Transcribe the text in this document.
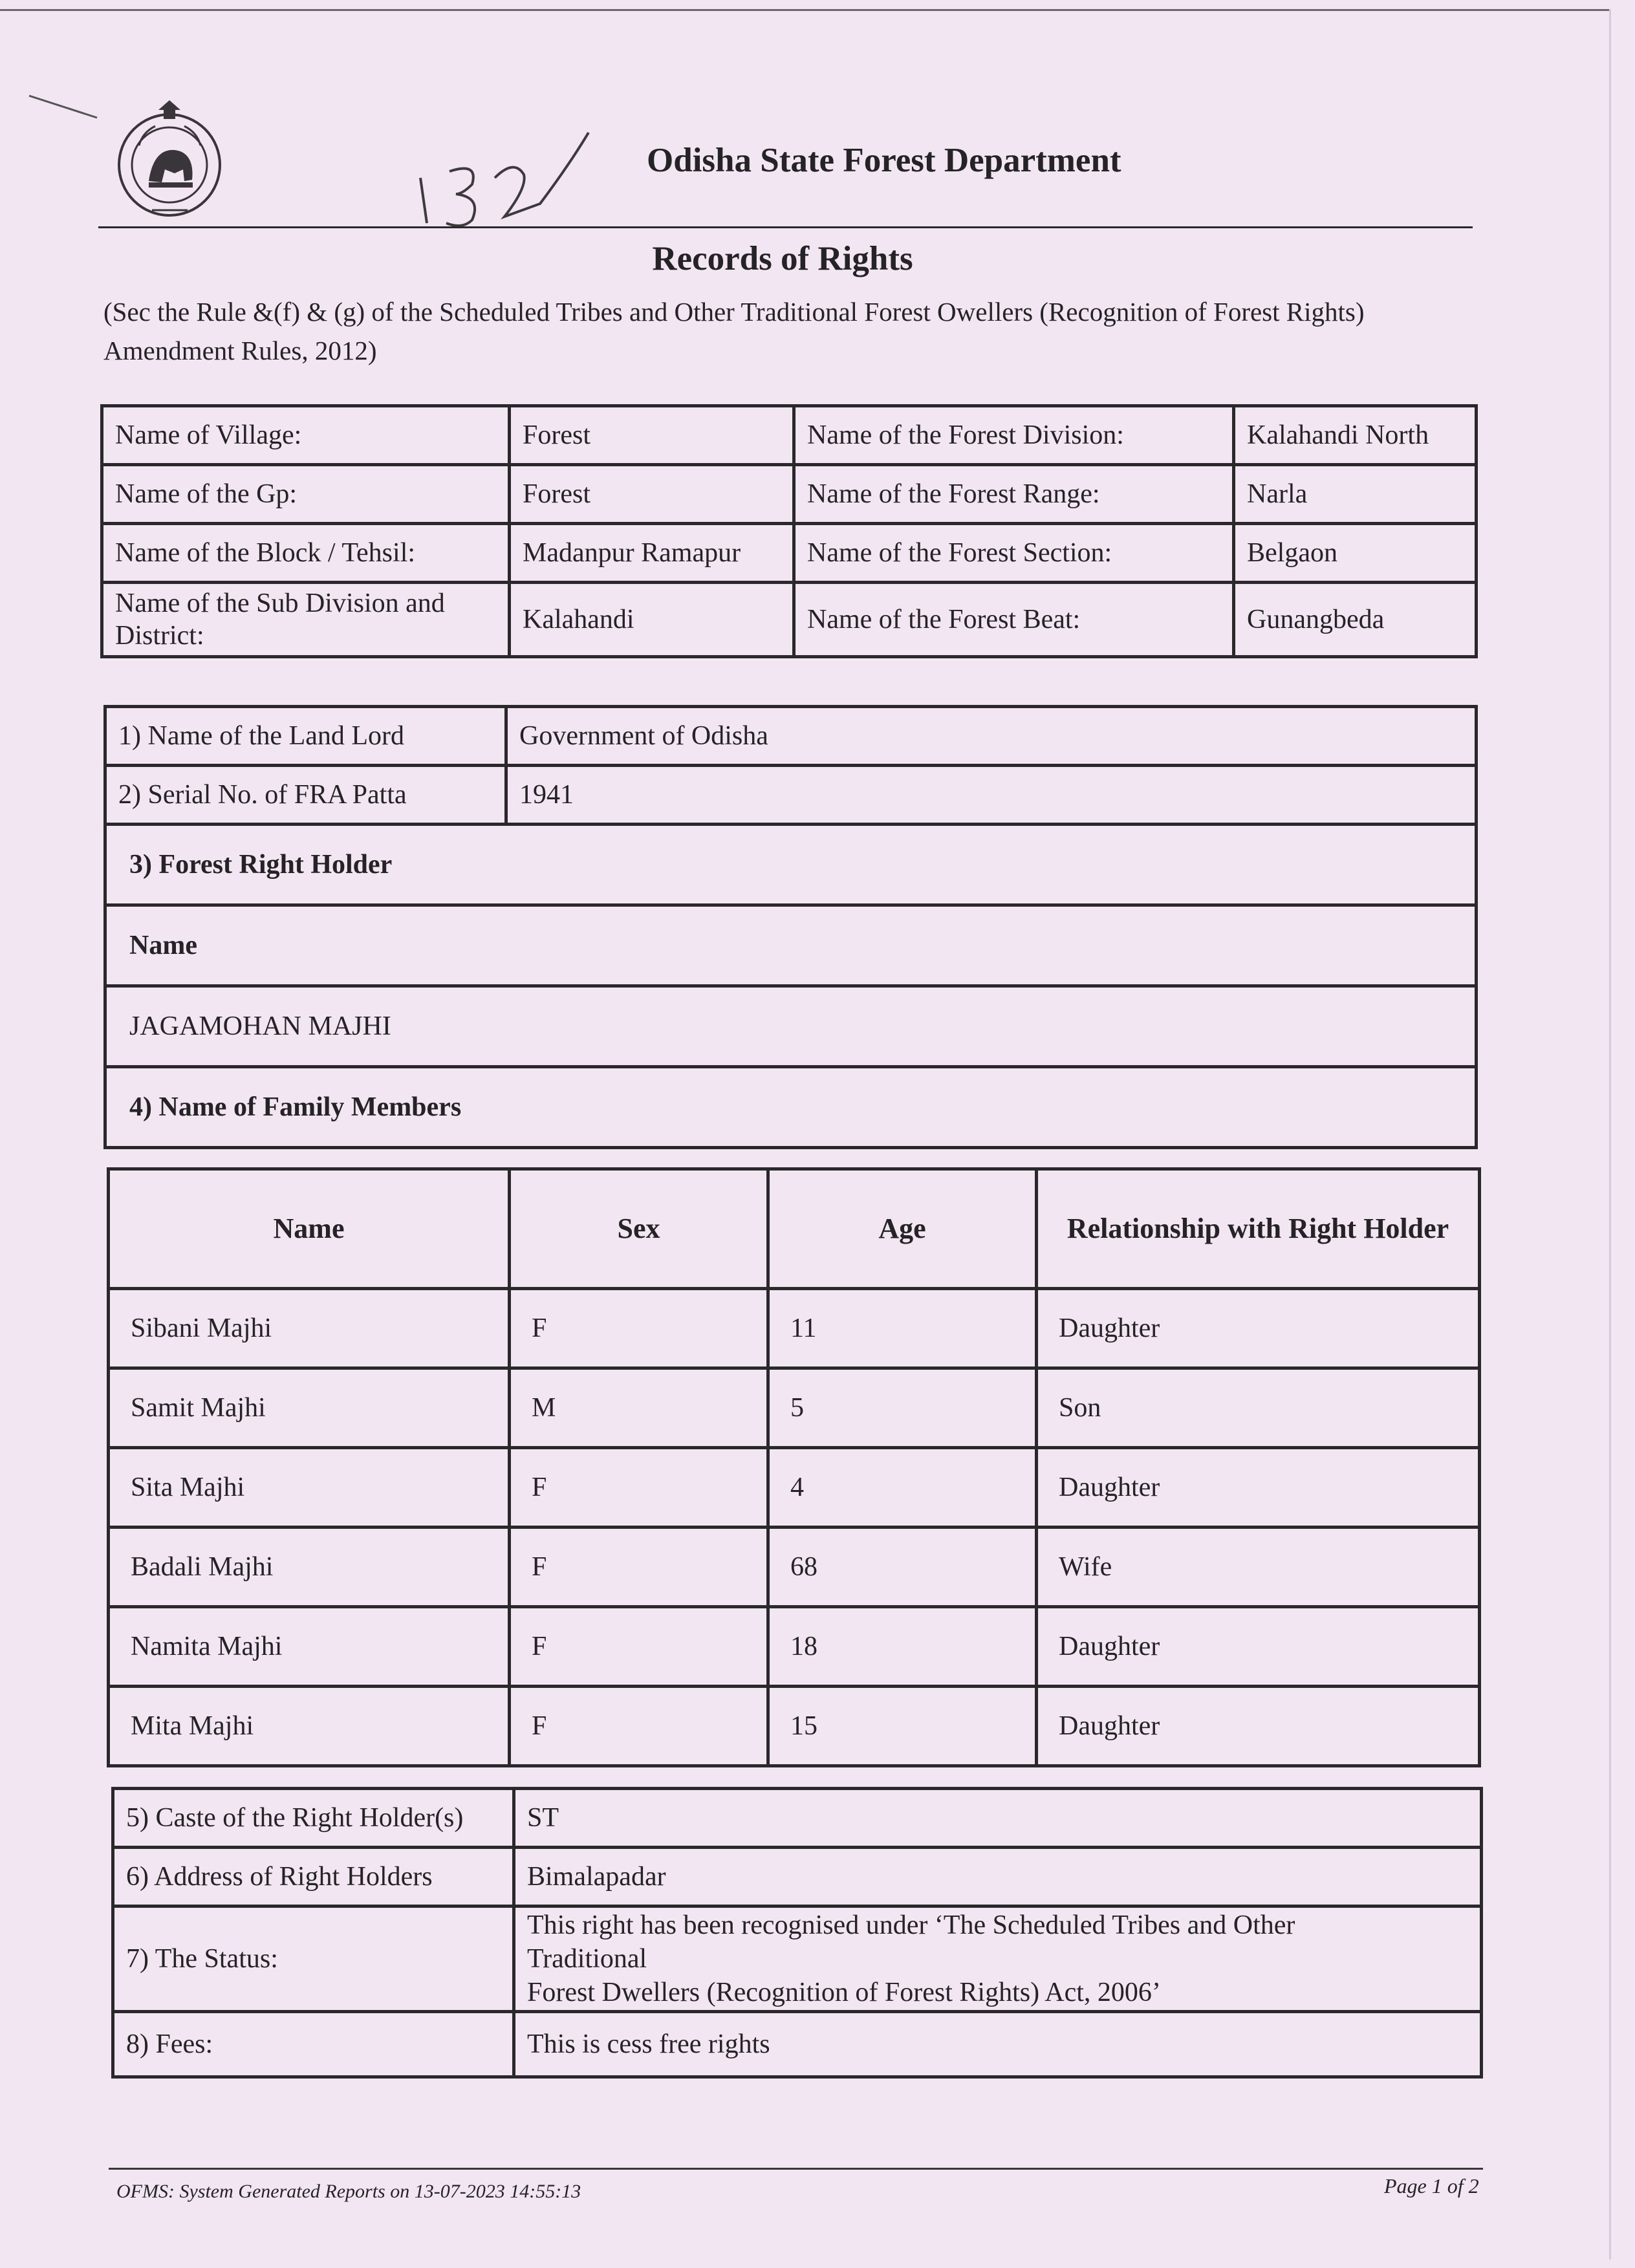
Odisha State Forest Department
Records of Rights
(Sec the Rule &(f) & (g) of the Scheduled Tribes and Other Traditional Forest Owellers (Recognition of Forest Rights) Amendment Rules, 2012)
Name of Village:	Forest	Name of the Forest Division:	Kalahandi North
Name of the Gp:	Forest	Name of the Forest Range:	Narla
Name of the Block / Tehsil:	Madanpur Ramapur	Name of the Forest Section:	Belgaon
Name of the Sub Division and District:	Kalahandi	Name of the Forest Beat:	Gunangbeda
1) Name of the Land Lord	Government of Odisha
2) Serial No. of FRA Patta	1941
3) Forest Right Holder	
Name	
JAGAMOHAN MAJHI	
4) Name of Family Members	
Name	Sex	Age	Relationship with Right Holder
Sibani Majhi	F	11	Daughter
Samit Majhi	M	5	Son
Sita Majhi	F	4	Daughter
Badali Majhi	F	68	Wife
Namita Majhi	F	18	Daughter
Mita Majhi	F	15	Daughter
5) Caste of the Right Holder(s)	ST
6) Address of Right Holders	Bimalapadar
7) The Status:	This right has been recognised under ‘The Scheduled Tribes and Other
Traditional
Forest Dwellers (Recognition of Forest Rights) Act, 2006’

8) Fees:	This is cess free rights
OFMS: System Generated Reports on 13-07-2023 14:55:13	Page 1 of 2
